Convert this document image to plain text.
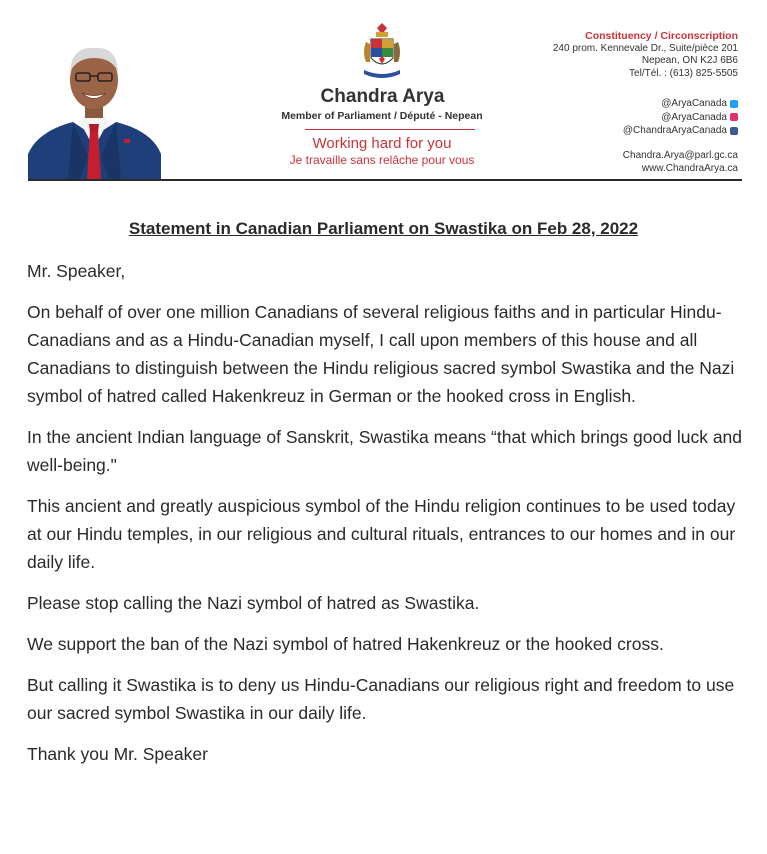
Chandra Arya
Member of Parliament / Député - Nepean
Working hard for you
Je travaille sans relâche pour vous
Constituency / Circonscription
240 prom. Kennevale Dr., Suite/pièce 201
Nepean, ON K2J 6B6
Tel/Tél. : (613) 825-5505
@AryaCanada
@AryaCanada
@ChandraAryaCanada
Chandra.Arya@parl.gc.ca
www.ChandraArya.ca
Statement in Canadian Parliament on Swastika on Feb 28, 2022

Mr. Speaker,

On behalf of over one million Canadians of several religious faiths and in particular Hindu-Canadians and as a Hindu-Canadian myself, I call upon members of this house and all Canadians to distinguish between the Hindu religious sacred symbol Swastika and the Nazi symbol of hatred called Hakenkreuz in German or the hooked cross in English.

In the ancient Indian language of Sanskrit, Swastika means “that which brings good luck and well-being."

This ancient and greatly auspicious symbol of the Hindu religion continues to be used today at our Hindu temples, in our religious and cultural rituals, entrances to our homes and in our daily life.

Please stop calling the Nazi symbol of hatred as Swastika.

We support the ban of the Nazi symbol of hatred Hakenkreuz or the hooked cross.

But calling it Swastika is to deny us Hindu-Canadians our religious right and freedom to use our sacred symbol Swastika in our daily life.

Thank you Mr. Speaker
